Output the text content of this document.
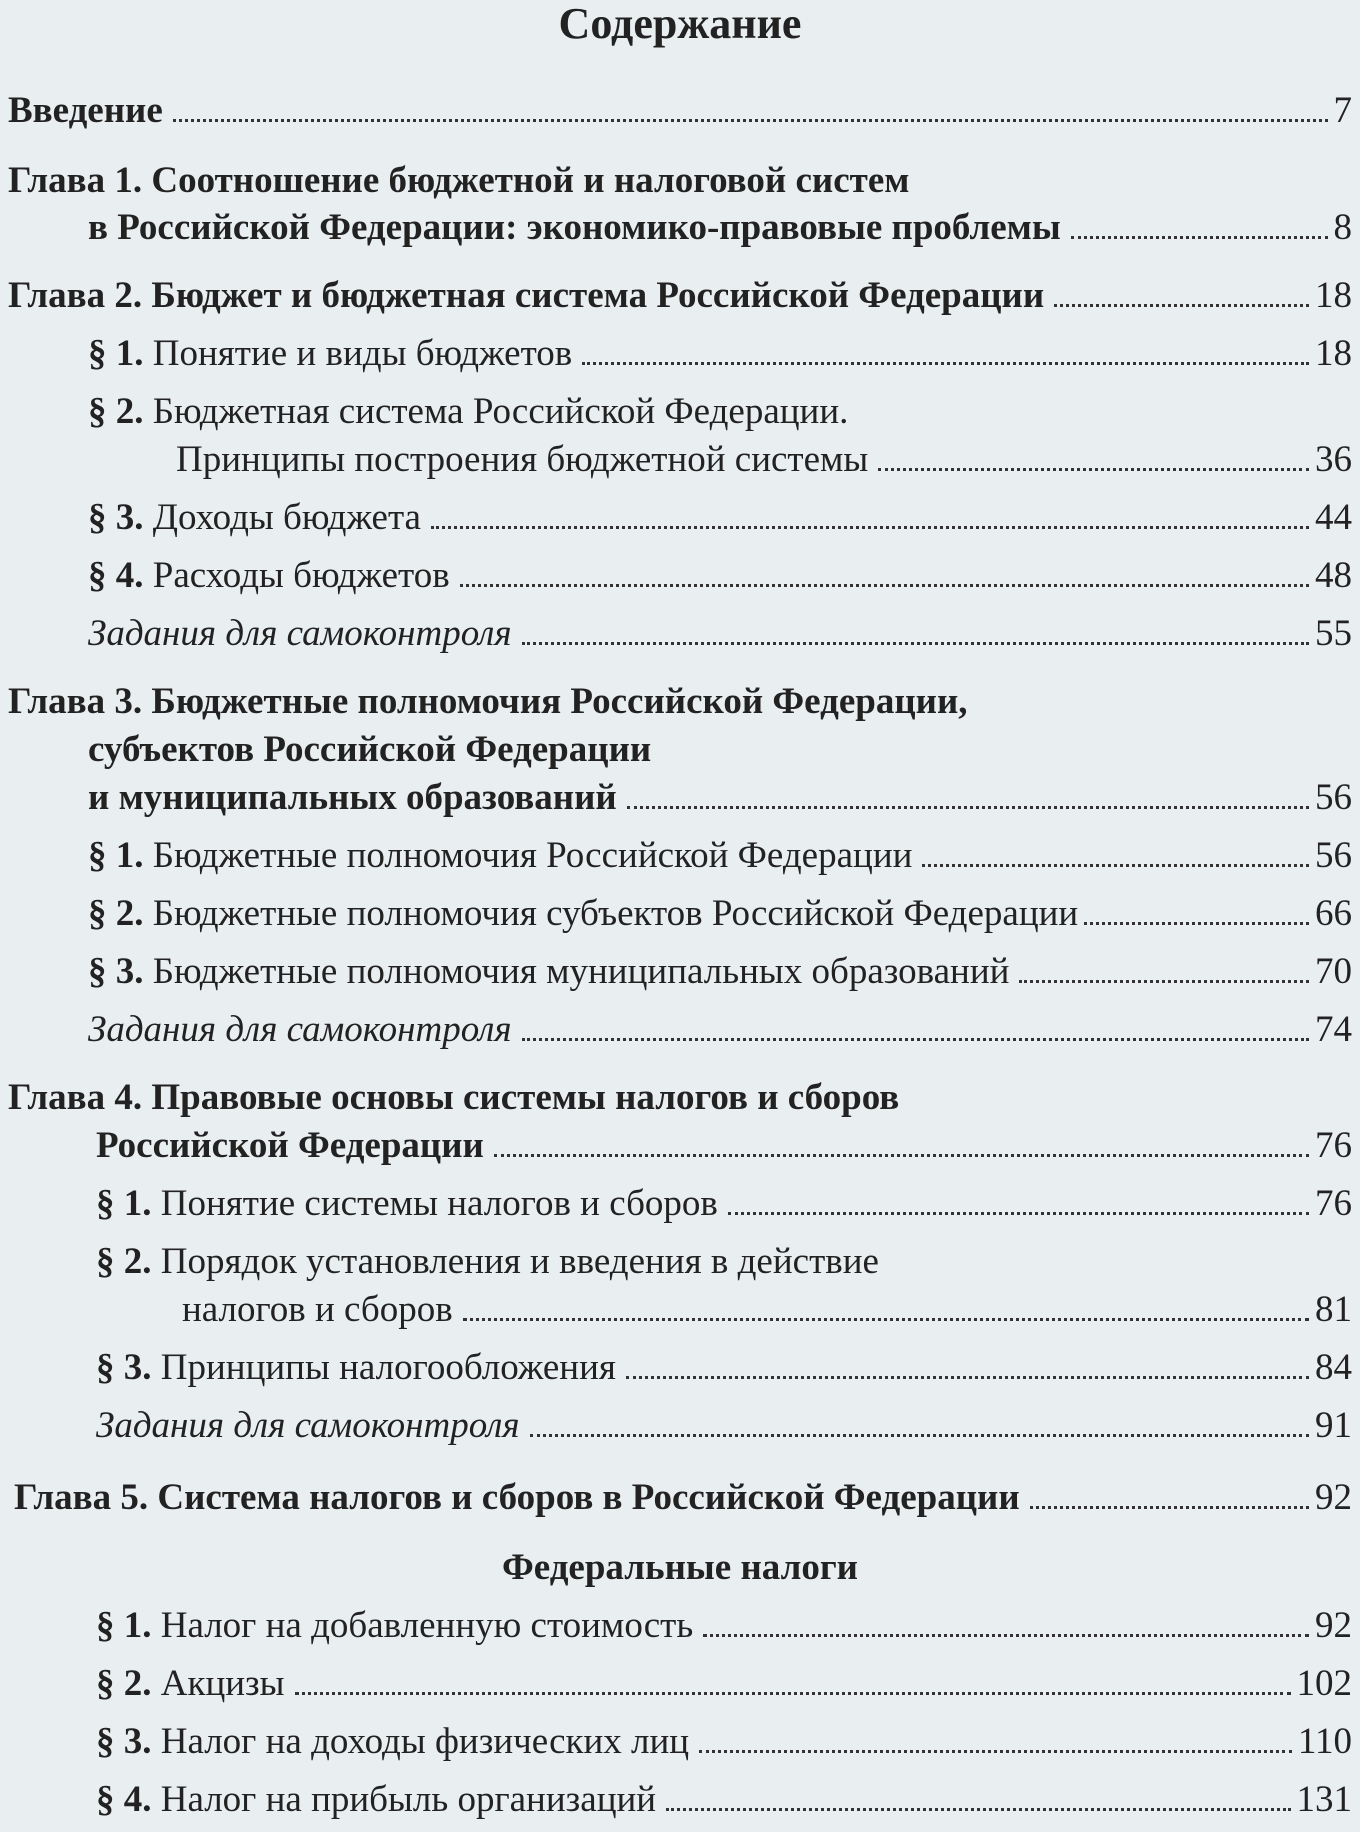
Содержание
Введение	7
Глава 1. Соотношение бюджетной и налоговой систем
в Российской Федерации: экономико-правовые проблемы	8
Глава 2. Бюджет и бюджетная система Российской Федерации	18
§ 1. Понятие и виды бюджетов	18
§ 2. Бюджетная система Российской Федерации.
Принципы построения бюджетной системы	36
§ 3. Доходы бюджета	44
§ 4. Расходы бюджетов	48
Задания для самоконтроля	55
Глава 3. Бюджетные полномочия Российской Федерации,
субъектов Российской Федерации
и муниципальных образований	56
§ 1. Бюджетные полномочия Российской Федерации	56
§ 2. Бюджетные полномочия субъектов Российской Федерации	66
§ 3. Бюджетные полномочия муниципальных образований	70
Задания для самоконтроля	74
Глава 4. Правовые основы системы налогов и сборов
Российской Федерации	76
§ 1. Понятие системы налогов и сборов	76
§ 2. Порядок установления и введения в действие
налогов и сборов	81
§ 3. Принципы налогообложения	84
Задания для самоконтроля	91
Глава 5. Система налогов и сборов в Российской Федерации	92
Федеральные налоги
§ 1. Налог на добавленную стоимость	92
§ 2. Акцизы	102
§ 3. Налог на доходы физических лиц	110
§ 4. Налог на прибыль организаций	131
